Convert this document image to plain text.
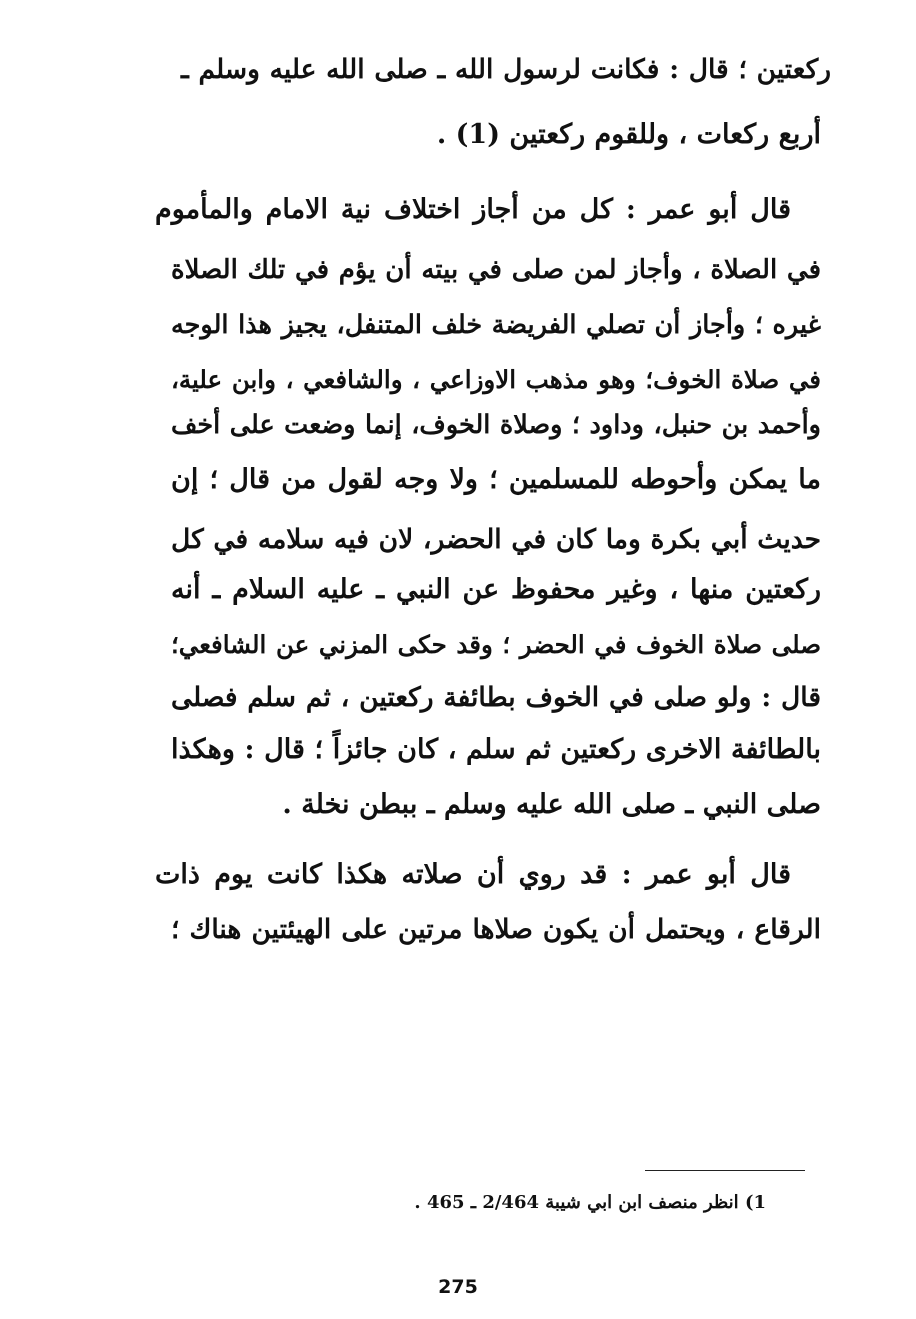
ركعتين ؛ قال : فكانت لرسول الله ـ صلى الله عليه وسلم ـ
أربع ركعات ، وللقوم ركعتين (1) .
قال أبو عمر : كل من أجاز اختلاف نية الامام والمأموم
في الصلاة ، وأجاز لمن صلى في بيته أن يؤم في تلك الصلاة
غيره ؛ وأجاز أن تصلي الفريضة خلف المتنفل، يجيز هذا الوجه
في صلاة الخوف؛ وهو مذهب الاوزاعي ، والشافعي ، وابن علية،
وأحمد بن حنبل، وداود ؛ وصلاة الخوف، إنما وضعت على أخف
ما يمكن وأحوطه للمسلمين ؛ ولا وجه لقول من قال ؛ إن
حديث أبي بكرة وما كان في الحضر، لان فيه سلامه في كل
ركعتين منها ، وغير محفوظ عن النبي ـ عليه السلام ـ أنه
صلى صلاة الخوف في الحضر ؛ وقد حكى المزني عن الشافعي؛
قال : ولو صلى في الخوف بطائفة ركعتين ، ثم سلم فصلى
بالطائفة الاخرى ركعتين ثم سلم ، كان جائزاً ؛ قال : وهكذا
صلى النبي ـ صلى الله عليه وسلم ـ ببطن نخلة .
قال أبو عمر : قد روي أن صلاته هكذا كانت يوم ذات
الرقاع ، ويحتمل أن يكون صلاها مرتين على الهيئتين هناك ؛
1) انظر منصف ابن ابي شيبة 2/464 ـ 465 .
275
